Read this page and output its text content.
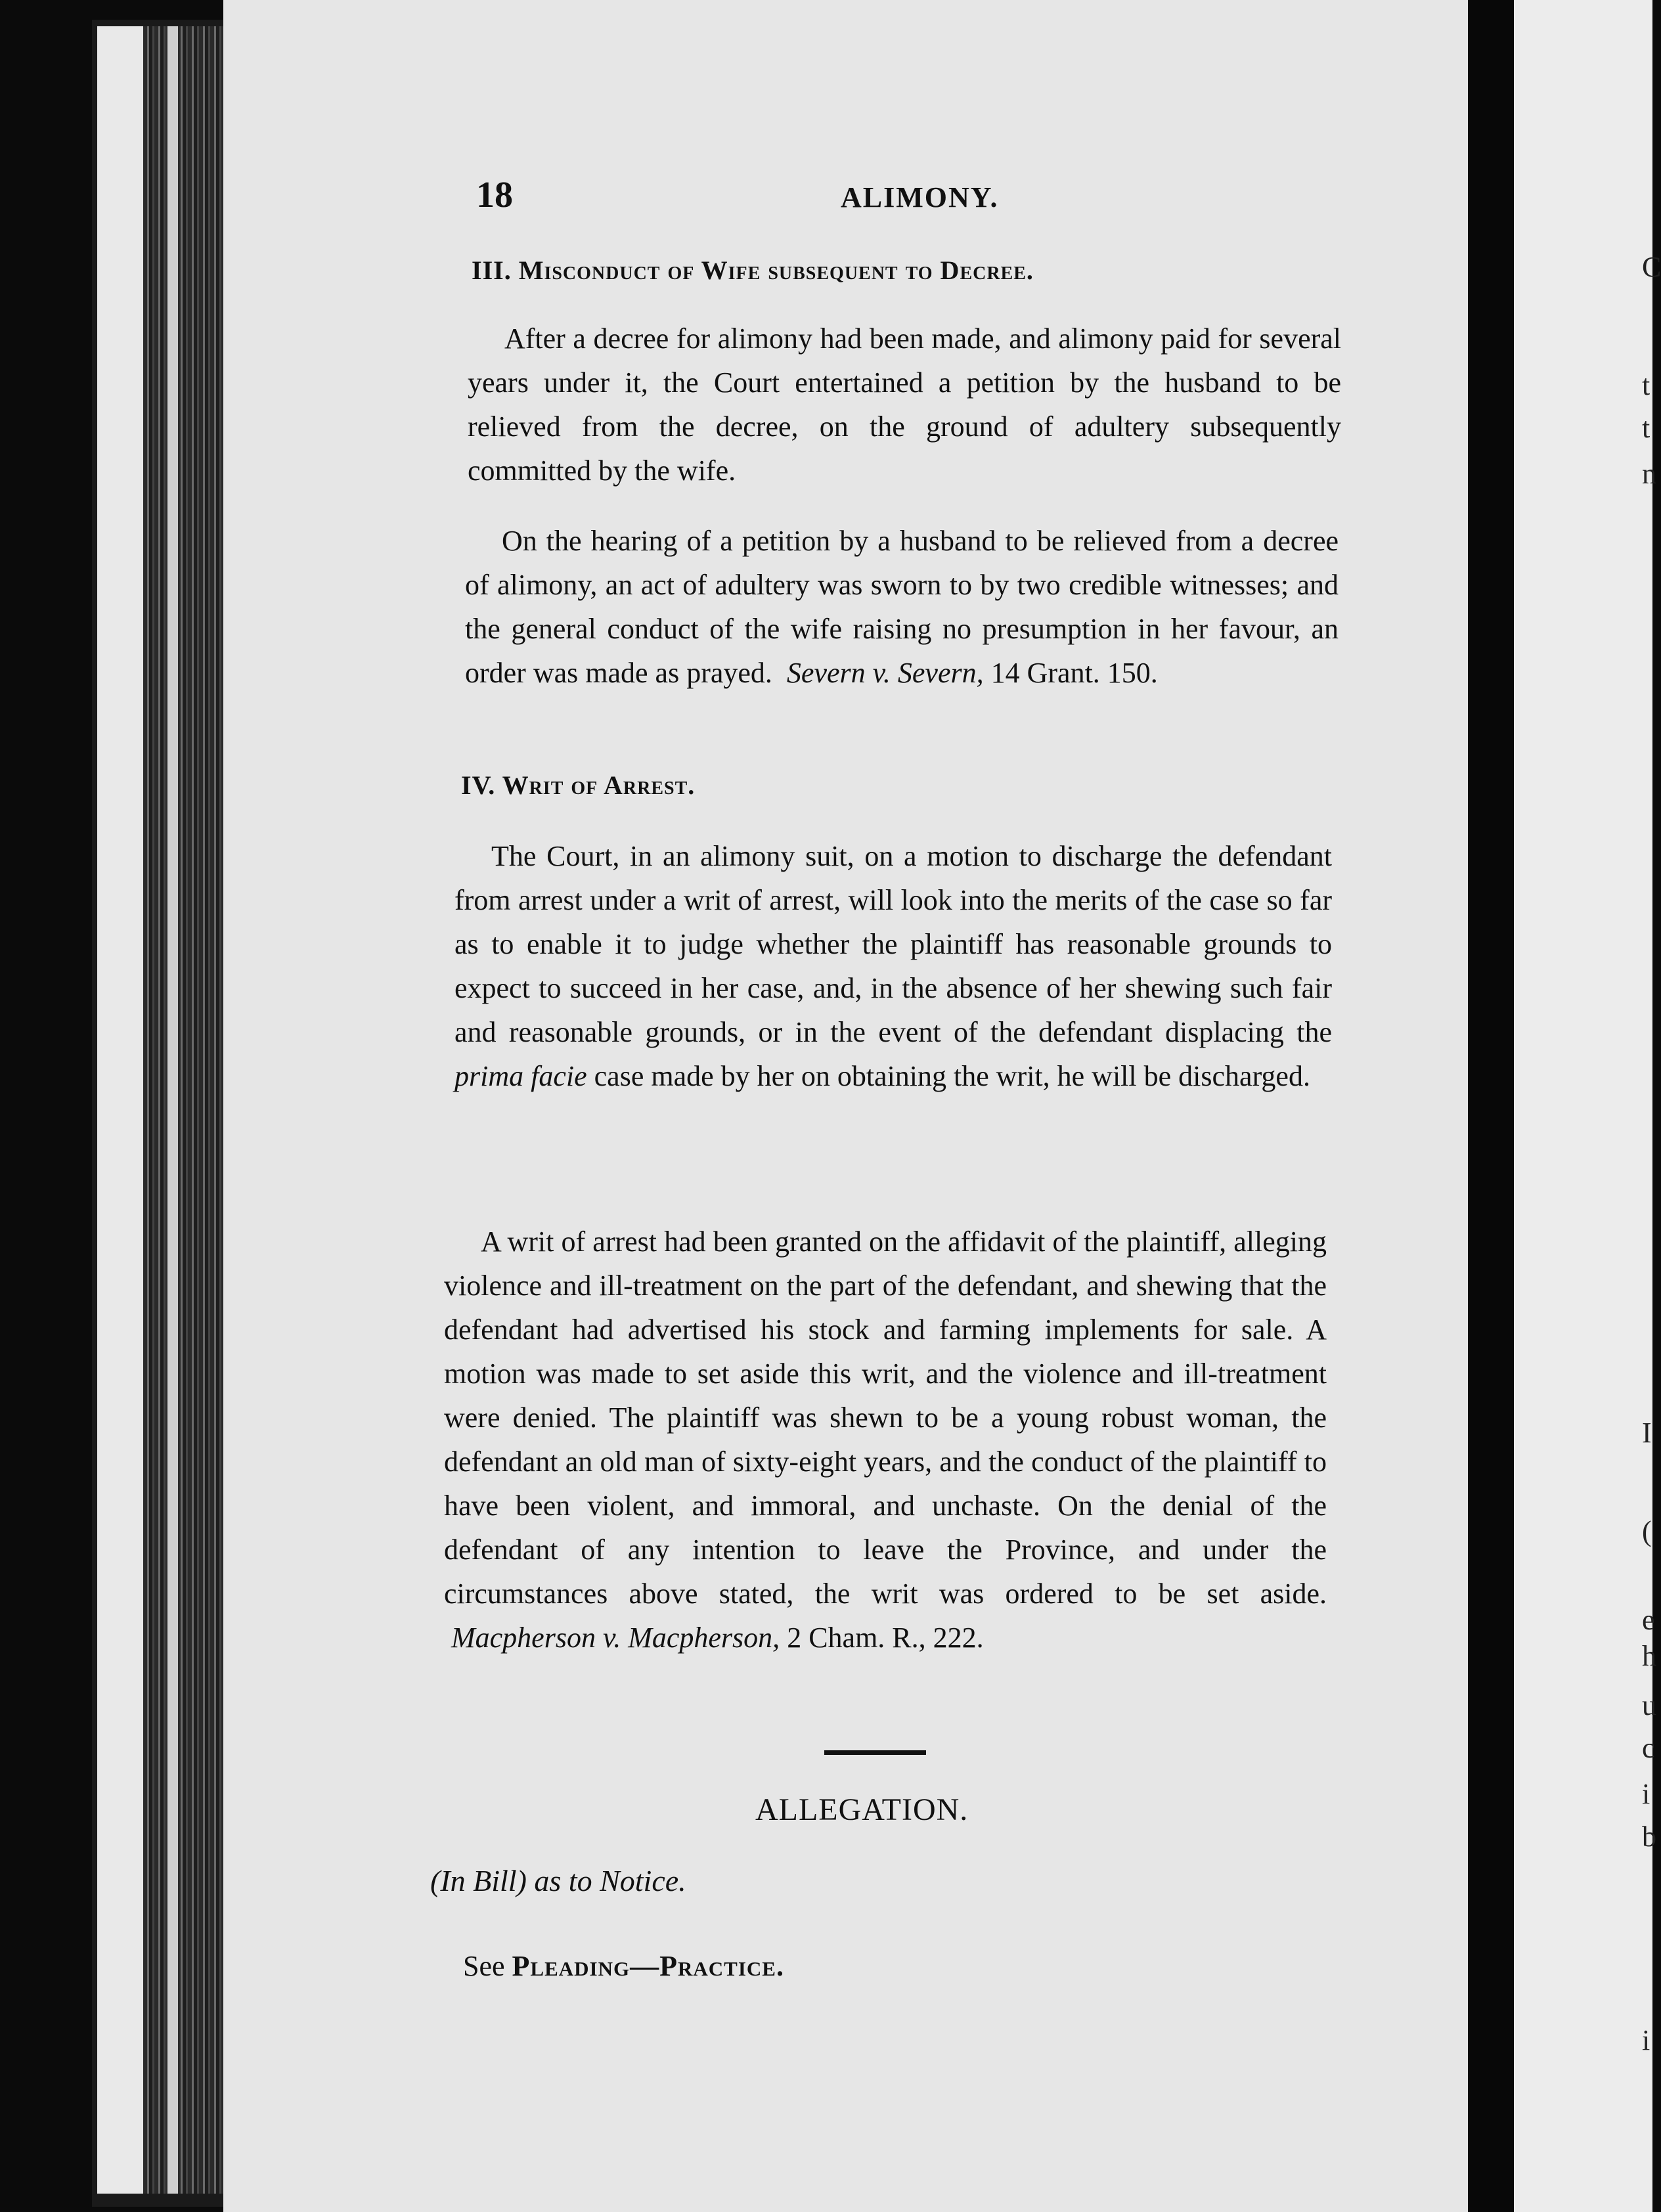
C
t
t
n
I
(
e
h
u
c
i
b
i
18	ALIMONY.
III. Misconduct of Wife subsequent to Decree.
After a decree for alimony had been made, and alimony paid for several years under it, the Court entertained a petition by the husband to be relieved from the decree, on the ground of adultery subsequently committed by the wife.
On the hearing of a petition by a husband to be relieved from a decree of alimony, an act of adultery was sworn to by two credible witnesses; and the general conduct of the wife raising no presumption in her favour, an order was made as prayed. Severn v. Severn, 14 Grant. 150.
IV. Writ of Arrest.
The Court, in an alimony suit, on a motion to discharge the defendant from arrest under a writ of arrest, will look into the merits of the case so far as to enable it to judge whether the plaintiff has reasonable grounds to expect to succeed in her case, and, in the absence of her shewing such fair and reasonable grounds, or in the event of the defendant displacing the prima facie case made by her on obtaining the writ, he will be discharged.
A writ of arrest had been granted on the affidavit of the plaintiff, alleging violence and ill-treatment on the part of the defendant, and shewing that the defendant had advertised his stock and farming implements for sale. A motion was made to set aside this writ, and the violence and ill-treatment were denied. The plaintiff was shewn to be a young robust woman, the defendant an old man of sixty-eight years, and the conduct of the plaintiff to have been violent, and immoral, and unchaste. On the denial of the defendant of any intention to leave the Province, and under the circumstances above stated, the writ was ordered to be set aside.  Macpherson v. Macpherson, 2 Cham. R., 222.
ALLEGATION.
(In Bill) as to Notice.
See Pleading—Practice.
